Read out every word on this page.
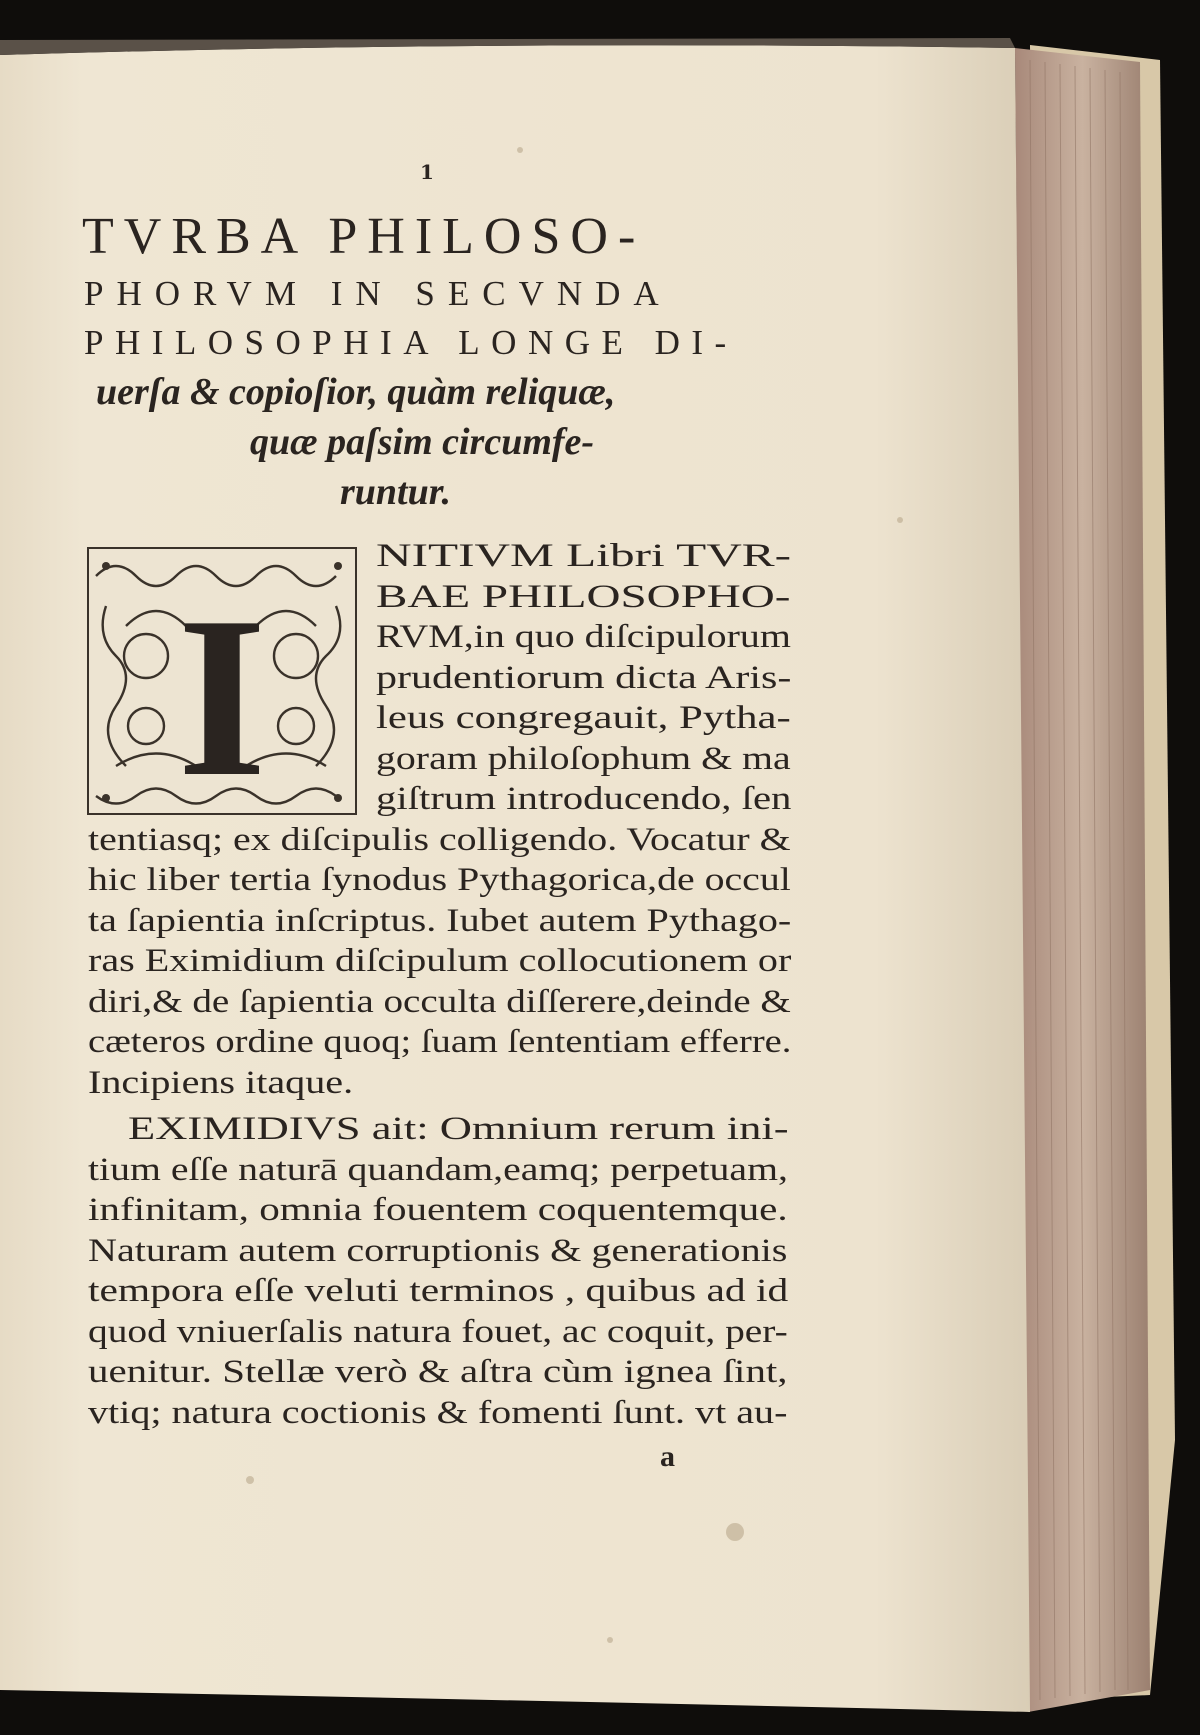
1
TVRBA PHILOSO-
PHORVM IN SECVNDA
PHILOSOPHIA LONGE DI-
uerſa & copioſior, quàm reliquæ,
quæ paſsim circumfe-
runtur.
I
NITIVM Libri TVR-
BAE PHILOSOPHO-
RVM,in quo diſcipulorum
prudentiorum dicta Aris-
leus congregauit, Pytha-
goram philoſophum & ma
giſtrum introducendo, ſen
tentiasq; ex diſcipulis colligendo. Vocatur &
hic liber tertia ſynodus Pythagorica,de occul
ta ſapientia inſcriptus. Iubet autem Pythago-
ras Eximidium diſcipulum collocutionem or
diri,& de ſapientia occulta diſſerere,deinde &
cæteros ordine quoq; ſuam ſententiam efferre.
Incipiens itaque.
EXIMIDIVS ait: Omnium rerum ini-
tium eſſe naturā quandam,eamq; perpetuam,
infinitam, omnia fouentem coquentemque.
Naturam autem corruptionis & generationis
tempora eſſe veluti terminos , quibus ad id
quod vniuerſalis natura fouet, ac coquit, per-
uenitur. Stellæ verò & aſtra cùm ignea ſint,
vtiq; natura coctionis & fomenti ſunt. vt au-
a
